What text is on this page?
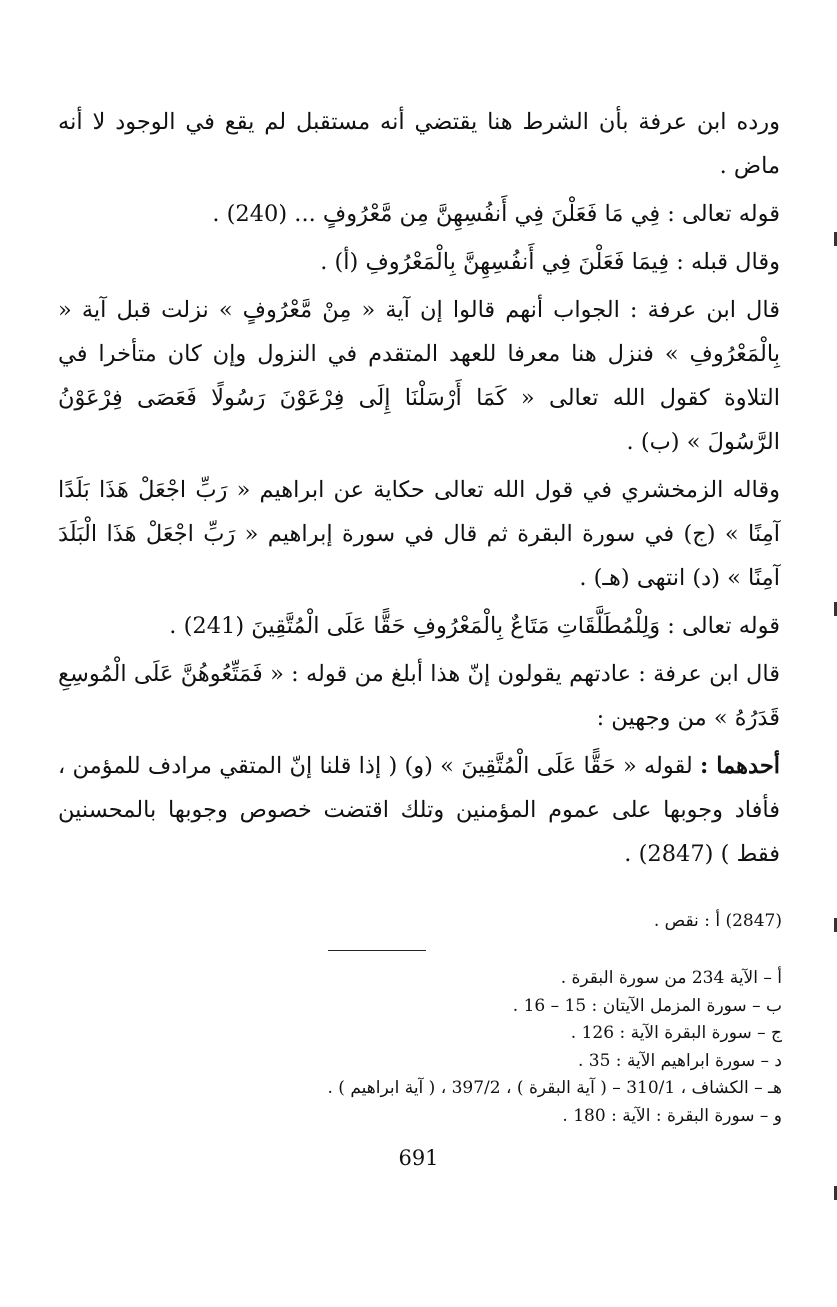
ورده ابن عرفة بأن الشرط هنا يقتضي أنه مستقبل لم يقع في الوجود لا أنه ماض .

قوله تعالى : فِي مَا فَعَلْنَ فِي أَنفُسِهِنَّ مِن مَّعْرُوفٍ ... (240) .

وقال قبله : فِيمَا فَعَلْنَ فِي أَنفُسِهِنَّ بِالْمَعْرُوفِ (أ) .

قال ابن عرفة : الجواب أنهم قالوا إن آية « مِنْ مَّعْرُوفٍ » نزلت قبل آية « بِالْمَعْرُوفِ » فنزل هنا معرفا للعهد المتقدم في النزول وإن كان متأخرا في التلاوة كقول الله تعالى « كَمَا أَرْسَلْنَا إِلَى فِرْعَوْنَ رَسُولًا فَعَصَى فِرْعَوْنُ الرَّسُولَ » (ب) .

وقاله الزمخشري في قول الله تعالى حكاية عن ابراهيم « رَبِّ اجْعَلْ هَذَا بَلَدًا آمِنًا » (ج) في سورة البقرة ثم قال في سورة إبراهيم « رَبِّ اجْعَلْ هَذَا الْبَلَدَ آمِنًا » (د) انتهى (هـ) .

قوله تعالى : وَلِلْمُطَلَّقَاتِ مَتَاعٌ بِالْمَعْرُوفِ حَقًّا عَلَى الْمُتَّقِينَ (241) .

قال ابن عرفة : عادتهم يقولون إنّ هذا أبلغ من قوله : « فَمَتِّعُوهُنَّ عَلَى الْمُوسِعِ قَدَرُهُ » من وجهين :

أحدهما : لقوله « حَقًّا عَلَى الْمُتَّقِينَ » (و) ( إذا قلنا إنّ المتقي مرادف للمؤمن ، فأفاد وجوبها على عموم المؤمنين وتلك اقتضت خصوص وجوبها بالمحسنين فقط ) (2847) .

(2847) أ : نقص .

أ – الآية 234 من سورة البقرة .
ب – سورة المزمل الآيتان : 15 – 16 .
ج – سورة البقرة الآية : 126 .
د – سورة ابراهيم الآية : 35 .
هـ – الكشاف ، 310/1 – ( آية البقرة ) ، 397/2 ، ( آية ابراهيم ) .
و – سورة البقرة : الآية : 180 .
691
